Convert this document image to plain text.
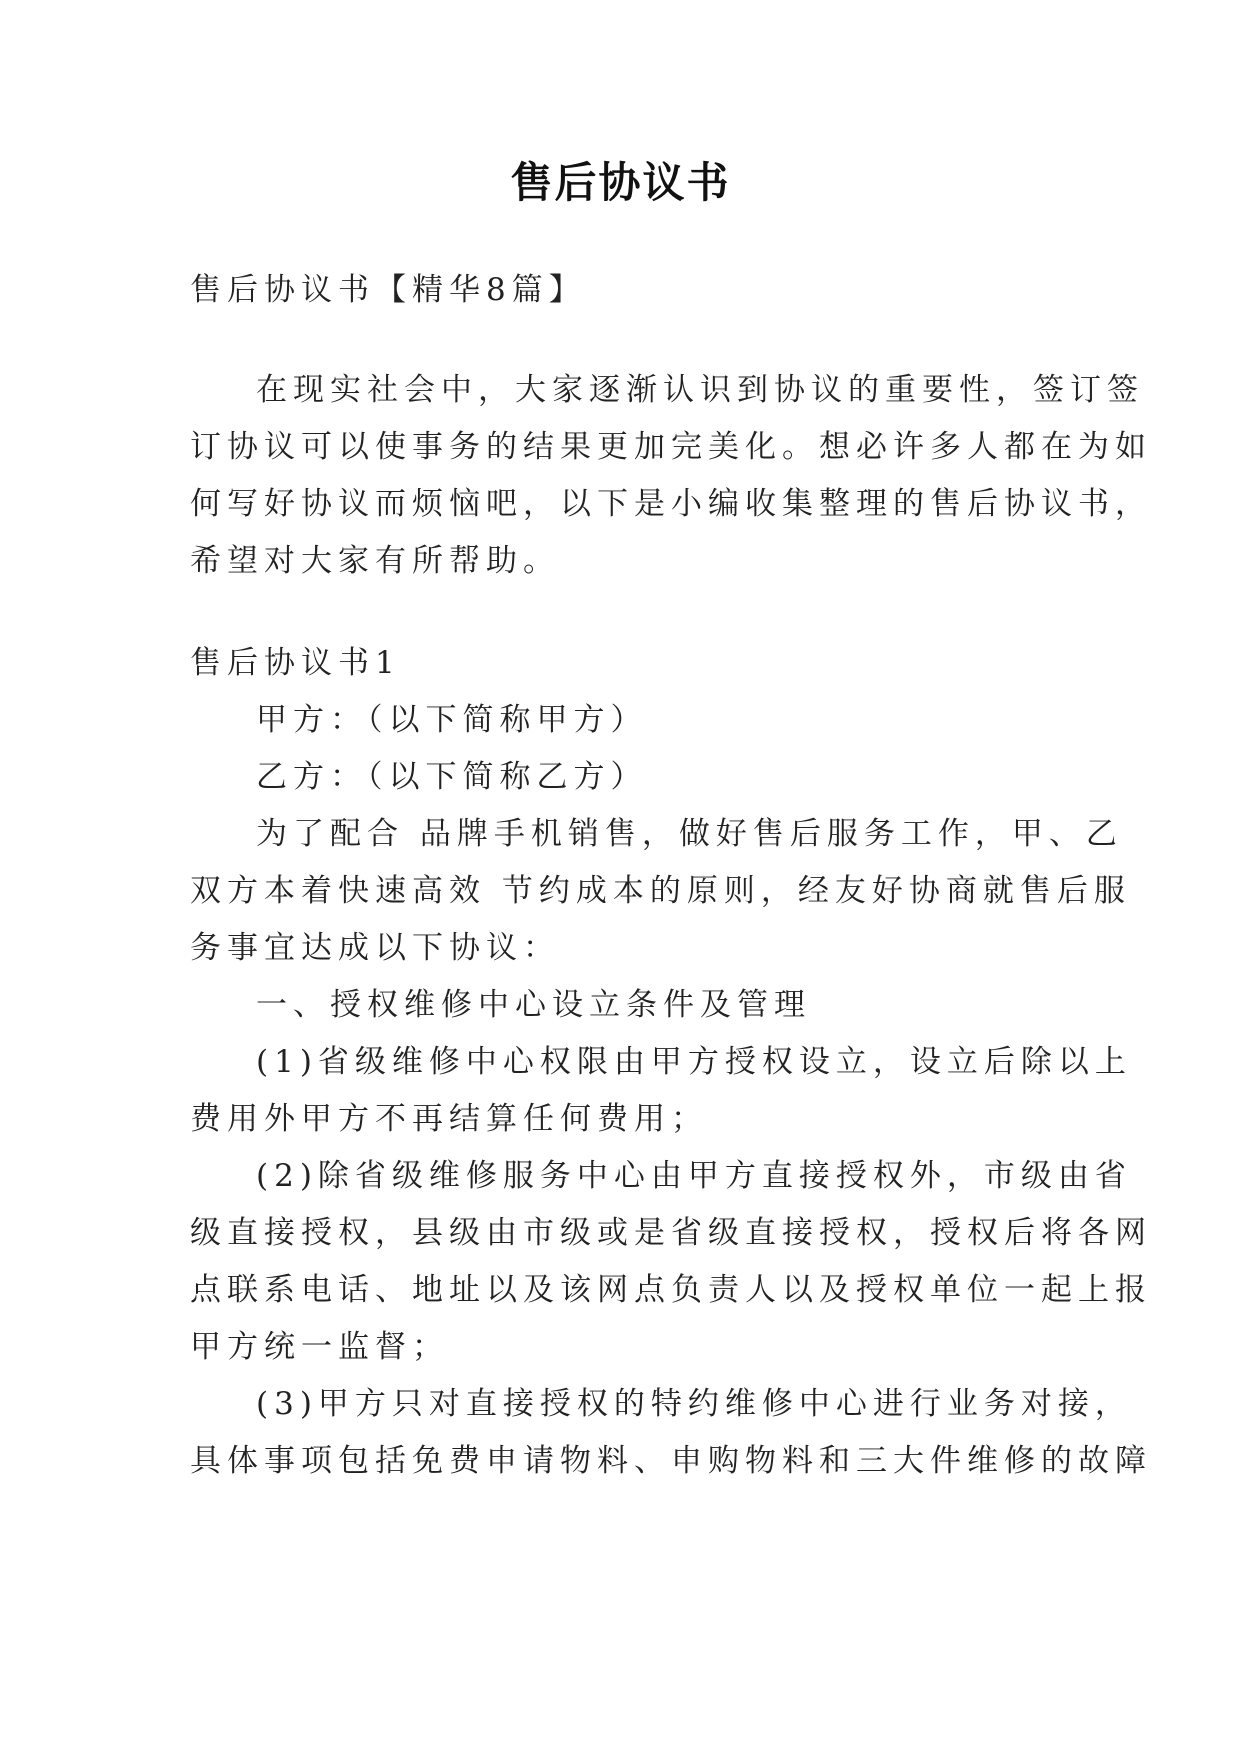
售后协议书
售后协议书【精华8篇】
在现实社会中，大家逐渐认识到协议的重要性，签订签
订协议可以使事务的结果更加完美化。想必许多人都在为如
何写好协议而烦恼吧，以下是小编收集整理的售后协议书，
希望对大家有所帮助。
售后协议书1
甲方：（以下简称甲方）
乙方：（以下简称乙方）
为了配合 品牌手机销售，做好售后服务工作，甲、乙
双方本着快速高效 节约成本的原则，经友好协商就售后服
务事宜达成以下协议：
一、授权维修中心设立条件及管理
(1)省级维修中心权限由甲方授权设立，设立后除以上
费用外甲方不再结算任何费用；
(2)除省级维修服务中心由甲方直接授权外，市级由省
级直接授权，县级由市级或是省级直接授权，授权后将各网
点联系电话、地址以及该网点负责人以及授权单位一起上报
甲方统一监督；
(3)甲方只对直接授权的特约维修中心进行业务对接，
具体事项包括免费申请物料、申购物料和三大件维修的故障
